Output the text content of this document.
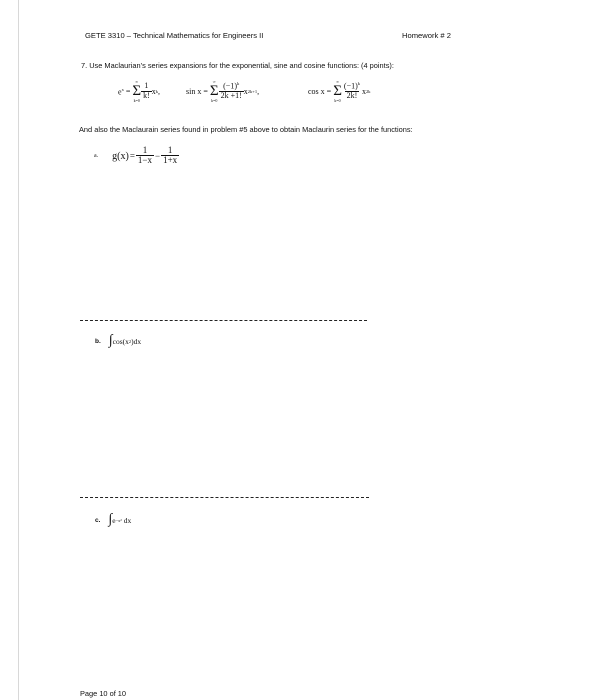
GETE 3310 – Technical Mathematics for Engineers II	Homework # 2
7. Use Maclaurian’s series expansions for the exponential, sine and cosine functions: (4 points):
$e^x$ =
∞
Σ
$k=0 \frac{1}{k!}$ x k ,	sin x =
∞
Σ
$k=0 \frac{(-1)^k}{2k +1!}$ x 2k+1 ,	cos x =
∞
Σ
$k=0 \frac{(-1)^k}{2k!}$ x 2k
And also the Maclaurain series found in problem #5 above to obtain Maclaurin series for the functions:
a. $g(x) = \frac{1}{1-x} - \frac{1}{1+x}$
b. ∫ cos(x 2 )dx
c. ∫ e −x² dx
Page 10 of 10
